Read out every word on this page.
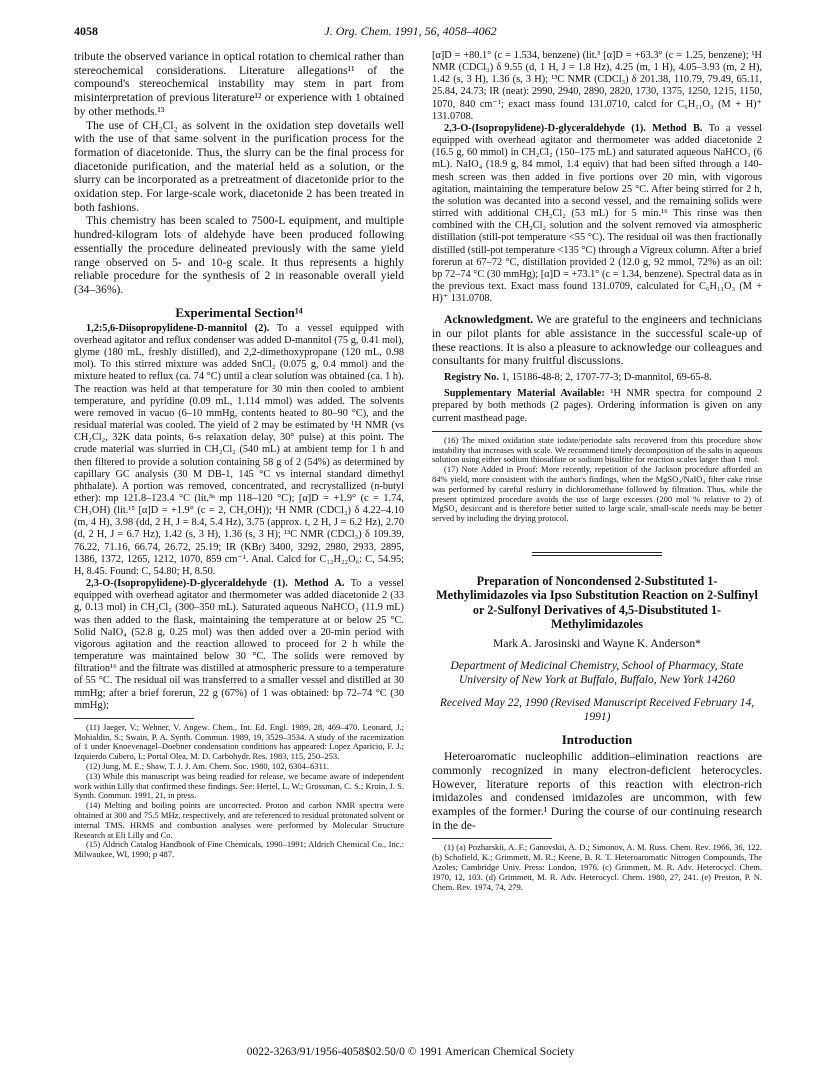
4058	J. Org. Chem. 1991, 56, 4058–4062

tribute the observed variance in optical rotation to chemical rather than stereochemical considerations. Literature allegations¹¹ of the compound's stereochemical instability may stem in part from misinterpretation of previous literature¹² or experience with 1 obtained by other methods.¹³

The use of CH₂Cl₂ as solvent in the oxidation step dovetails well with the use of that same solvent in the purification process for the formation of diacetonide. Thus, the slurry can be the final process for diacetonide purification, and the material held as a solution, or the slurry can be incorporated as a pretreatment of diacetonide prior to the oxidation step. For large-scale work, diacetonide 2 has been treated in both fashions.

This chemistry has been scaled to 7500-L equipment, and multiple hundred-kilogram lots of aldehyde have been produced following essentially the procedure delineated previously with the same yield range observed on 5- and 10-g scale. It thus represents a highly reliable procedure for the synthesis of 2 in reasonable overall yield (34–36%).

Experimental Section¹⁴

1,2:5,6-Diisopropylidene-D-mannitol (2). To a vessel equipped with overhead agitator and reflux condenser was added D-mannitol (75 g, 0.41 mol), glyme (180 mL, freshly distilled), and 2,2-dimethoxypropane (120 mL, 0.98 mol). To this stirred mixture was added SnCl₂ (0.075 g, 0.4 mmol) and the mixture heated to reflux (ca. 74 °C) until a clear solution was obtained (ca. 1 h). The reaction was held at that temperature for 30 min then cooled to ambient temperature, and pyridine (0.09 mL, 1.114 mmol) was added. The solvents were removed in vacuo (6–10 mmHg, contents heated to 80–90 °C), and the residual material was cooled. The yield of 2 may be estimated by ¹H NMR (vs CH₂Cl₂, 32K data points, 6-s relaxation delay, 30° pulse) at this point. The crude material was slurried in CH₂Cl₂ (540 mL) at ambient temp for 1 h and then filtered to provide a solution containing 58 g of 2 (54%) as determined by capillary GC analysis (30 M DB-1, 145 °C vs internal standard dimethyl phthalate). A portion was removed, concentrated, and recrystallized (n-butyl ether): mp 121.8–123.4 °C (lit.³ᵃ mp 118–120 °C); [α]D = +1.9° (c = 1.74, CH₃OH) (lit.¹⁵ [α]D = +1.9° (c = 2, CH₃OH)); ¹H NMR (CDCl₃) δ 4.22–4.10 (m, 4 H), 3.98 (dd, 2 H, J = 8.4, 5.4 Hz), 3.75 (approx. t, 2 H, J = 6.2 Hz), 2.70 (d, 2 H, J = 6.7 Hz), 1.42 (s, 3 H), 1.36 (s, 3 H); ¹³C NMR (CDCl₃) δ 109.39, 76.22, 71.16, 66.74, 26.72, 25.19; IR (KBr) 3400, 3292, 2980, 2933, 2895, 1386, 1372, 1265, 1212, 1070, 859 cm⁻¹. Anal. Calcd for C₁₂H₂₂O₆: C, 54.95; H, 8.45. Found: C, 54.80; H, 8.50.

2,3-O-(Isopropylidene)-D-glyceraldehyde (1). Method A. To a vessel equipped with overhead agitator and thermometer was added diacetonide 2 (33 g, 0.13 mol) in CH₂Cl₂ (300–350 mL). Saturated aqueous NaHCO₃ (11.9 mL) was then added to the flask, maintaining the temperature at or below 25 °C. Solid NaIO₄ (52.8 g, 0.25 mol) was then added over a 20-min period with vigorous agitation and the reaction allowed to proceed for 2 h while the temperature was maintained below 30 °C. The solids were removed by filtration¹⁶ and the filtrate was distilled at atmospheric pressure to a temperature of 55 °C. The residual oil was transferred to a smaller vessel and distilled at 30 mmHg; after a brief forerun, 22 g (67%) of 1 was obtained: bp 72–74 °C (30 mmHg);

(11) Jaeger, V.; Wehner, V. Angew. Chem., Int. Ed. Engl. 1989, 28, 469–470. Leonard, J.; Mohialdin, S.; Swain, P. A. Synth. Commun. 1989, 19, 3529–3534. A study of the racemization of 1 under Knoevenagel–Doebner condensation conditions has appeared: Lopez Aparicio, F. J.; Izquierdo Cubero, I.; Portal Olea, M. D. Carbohydr. Res. 1983, 115, 250–253.

(12) Jung, M. E.; Shaw, T. J. J. Am. Chem. Soc. 1980, 102, 6304–6311.

(13) While this manuscript was being readied for release, we became aware of independent work within Lilly that confirmed these findings. See: Hertel, L. W.; Grossman, C. S.; Kroin, J. S. Synth. Commun. 1991, 21, in press.

(14) Melting and boiling points are uncorrected. Proton and carbon NMR spectra were obtained at 300 and 75.5 MHz, respectively, and are referenced to residual protonated solvent or internal TMS. HRMS and combustion analyses were performed by Molecular Structure Research at Eli Lilly and Co.

(15) Aldrich Catalog Handbook of Fine Chemicals, 1990–1991; Aldrich Chemical Co., Inc.: Milwaukee, WI, 1990; p 487.

[α]D = +80.1° (c = 1.534, benzene) (lit.³ [α]D = +63.3° (c = 1.25, benzene); ¹H NMR (CDCl₃) δ 9.55 (d, 1 H, J = 1.8 Hz), 4.25 (m, 1 H), 4.05–3.93 (m, 2 H), 1.42 (s, 3 H), 1.36 (s, 3 H); ¹³C NMR (CDCl₃) δ 201.38, 110.79, 79.49, 65.11, 25.84, 24.73; IR (neat): 2990, 2940, 2890, 2820, 1730, 1375, 1250, 1215, 1150, 1070, 840 cm⁻¹; exact mass found 131.0710, calcd for C₆H₁₁O₃ (M + H)⁺ 131.0708.

2,3-O-(Isopropylidene)-D-glyceraldehyde (1). Method B. To a vessel equipped with overhead agitator and thermometer was added diacetonide 2 (16.5 g, 60 mmol) in CH₂Cl₂ (150–175 mL) and saturated aqueous NaHCO₃ (6 mL). NaIO₄ (18.9 g, 84 mmol, 1.4 equiv) that had been sifted through a 140-mesh screen was then added in five portions over 20 min, with vigorous agitation, maintaining the temperature below 25 °C. After being stirred for 2 h, the solution was decanted into a second vessel, and the remaining solids were stirred with additional CH₂Cl₂ (53 mL) for 5 min.¹⁶ This rinse was then combined with the CH₂Cl₂ solution and the solvent removed via atmospheric distillation (still-pot temperature <55 °C). The residual oil was then fractionally distilled (still-pot temperature <135 °C) through a Vigreux column. After a brief forerun at 67–72 °C, distillation provided 2 (12.0 g, 92 mmol, 72%) as an oil: bp 72–74 °C (30 mmHg); [α]D = +73.1° (c = 1.34, benzene). Spectral data as in the previous text. Exact mass found 131.0709, calculated for C₆H₁₁O₃ (M + H)⁺ 131.0708.

Acknowledgment. We are grateful to the engineers and technicians in our pilot plants for able assistance in the successful scale-up of these reactions. It is also a pleasure to acknowledge our colleagues and consultants for many fruitful discussions.

Registry No. 1, 15186-48-8; 2, 1707-77-3; D-mannitol, 69-65-8.

Supplementary Material Available: ¹H NMR spectra for compound 2 prepared by both methods (2 pages). Ordering information is given on any current masthead page.

(16) The mixed oxidation state iodate/periodate salts recovered from this procedure show instability that increases with scale. We recommend timely decomposition of the salts in aqueous solution using either sodium thiosulfate or sodium bisulfite for reaction scales larger than 1 mol.

(17) Note Added in Proof: More recently, repetition of the Jackson procedure afforded an 84% yield, more consistent with the author's findings, when the MgSO₄/NaIO₄ filter cake rinse was performed by careful reslurry in dichloromethane followed by filtration. Thus, while the present optimized procedure avoids the use of large excesses (200 mol % relative to 2) of MgSO₄ desiccant and is therefore better suited to large scale, small-scale needs may be better served by including the drying protocol.

Preparation of Noncondensed 2-Substituted 1-Methylimidazoles via Ipso Substitution Reaction on 2-Sulfinyl or 2-Sulfonyl Derivatives of 4,5-Disubstituted 1-Methylimidazoles
Mark A. Jarosinski and Wayne K. Anderson*
Department of Medicinal Chemistry, School of Pharmacy, State University of New York at Buffalo, Buffalo, New York 14260
Received May 22, 1990 (Revised Manuscript Received February 14, 1991)
Introduction

Heteroaromatic nucleophilic addition–elimination reactions are commonly recognized in many electron-deficient heterocycles. However, literature reports of this reaction with electron-rich imidazoles and condensed imidazoles are uncommon, with few examples of the former.¹ During the course of our continuing research in the de-

(1) (a) Pozharskii, A. F.; Ganovskii, A. D.; Simonov, A. M. Russ. Chem. Rev. 1966, 36, 122. (b) Schofield, K.; Grimmett, M. R.; Keene, B. R. T. Heteroaromatic Nitrogen Compounds, The Azoles; Cambridge Univ. Press: London, 1976. (c) Grimmett, M. R. Adv. Heterocycl. Chem. 1970, 12, 103. (d) Grimmett, M. R. Adv. Heterocycl. Chem. 1980, 27, 241. (e) Preston, P. N. Chem. Rev. 1974, 74, 279.

0022-3263/91/1956-4058$02.50/0 © 1991 American Chemical Society
